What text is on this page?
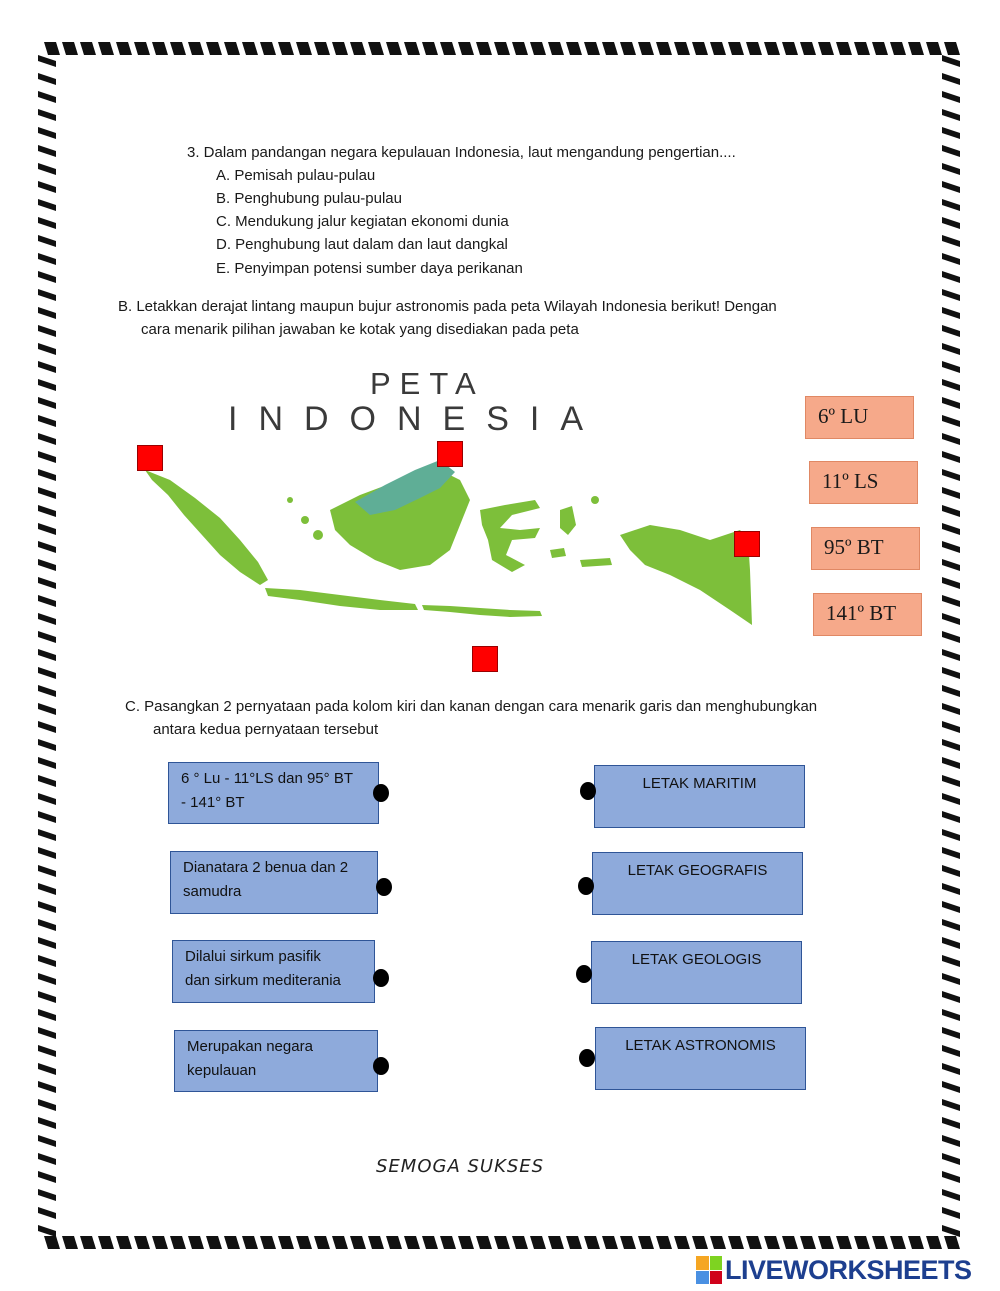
3. Dalam pandangan negara kepulauan Indonesia, laut mengandung pengertian....
A. Pemisah pulau-pulau
B. Penghubung pulau-pulau
C. Mendukung jalur kegiatan ekonomi dunia
D. Penghubung laut dalam dan laut dangkal
E. Penyimpan potensi sumber daya perikanan
B. Letakkan derajat lintang maupun bujur astronomis pada peta Wilayah Indonesia berikut! Dengan
cara menarik pilihan jawaban ke kotak yang disediakan pada peta
PETA
INDONESIA	6º LU
11º LS
95º BT
141º BT
C. Pasangkan 2 pernyataan pada kolom kiri dan kanan dengan cara menarik garis dan menghubungkan
antara kedua pernyataan tersebut
6 ° Lu - 11°LS dan 95° BT
- 141° BT
Dianatara 2 benua dan 2
samudra
Dilalui sirkum pasifik
dan sirkum mediterania
Merupakan negara
kepulauan
LETAK MARITIM
LETAK GEOGRAFIS
LETAK GEOLOGIS
LETAK ASTRONOMIS
SEMOGA SUKSES
LIVEWORKSHEETS
